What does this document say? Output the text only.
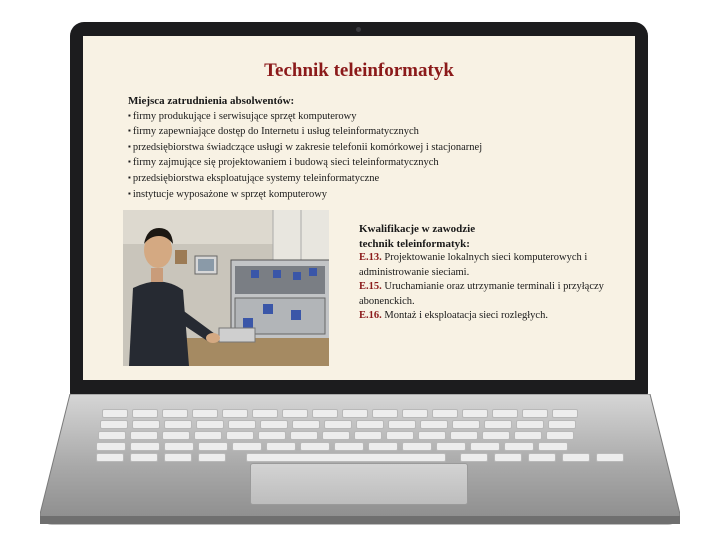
Technik teleinformatyk
Miejsca zatrudnienia absolwentów:
▪ firmy produkujące i serwisujące sprzęt komputerowy
▪ firmy zapewniające dostęp do Internetu i usług teleinformatycznych
▪ przedsiębiorstwa świadczące usługi w zakresie telefonii komórkowej i stacjonarnej
▪ firmy zajmujące się projektowaniem i budową sieci teleinformatycznych
▪ przedsiębiorstwa eksploatujące systemy teleinformatyczne
▪ instytucje wyposażone w sprzęt komputerowy
Kwalifikacje w zawodzie
technik teleinformatyk:
E.13. Projektowanie lokalnych sieci komputerowych i administrowanie sieciami.
E.15. Uruchamianie oraz utrzymanie terminali i przyłączy abonenckich.
E.16. Montaż i eksploatacja sieci rozległych.
